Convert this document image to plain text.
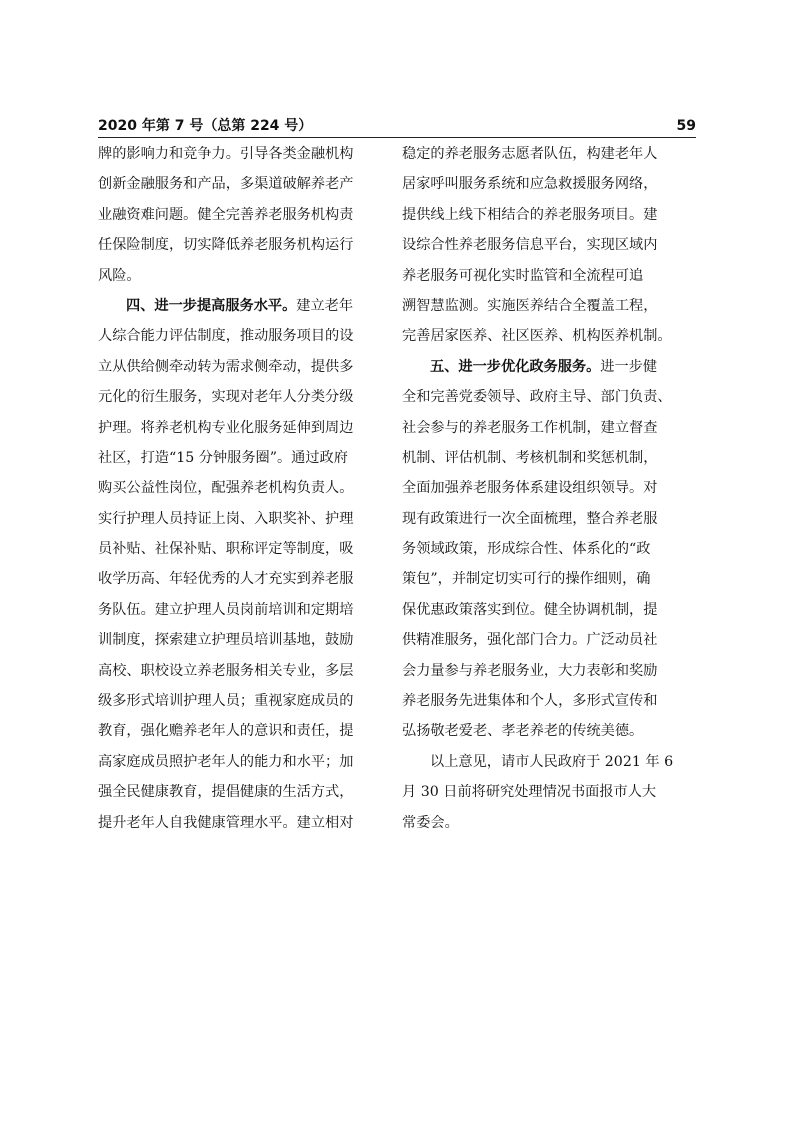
2020 年第 7 号（总第 224 号）	59
牌的影响力和竞争力。引导各类金融机构
创新金融服务和产品，多渠道破解养老产
业融资难问题。健全完善养老服务机构责
任保险制度，切实降低养老服务机构运行
风险。
四、进一步提高服务水平。建立老年
人综合能力评估制度，推动服务项目的设
立从供给侧牵动转为需求侧牵动，提供多
元化的衍生服务，实现对老年人分类分级
护理。将养老机构专业化服务延伸到周边
社区，打造“15 分钟服务圈”。通过政府
购买公益性岗位，配强养老机构负责人。
实行护理人员持证上岗、入职奖补、护理
员补贴、社保补贴、职称评定等制度，吸
收学历高、年轻优秀的人才充实到养老服
务队伍。建立护理人员岗前培训和定期培
训制度，探索建立护理员培训基地，鼓励
高校、职校设立养老服务相关专业，多层
级多形式培训护理人员；重视家庭成员的
教育，强化赡养老年人的意识和责任，提
高家庭成员照护老年人的能力和水平；加
强全民健康教育，提倡健康的生活方式，
提升老年人自我健康管理水平。建立相对
稳定的养老服务志愿者队伍，构建老年人
居家呼叫服务系统和应急救援服务网络，
提供线上线下相结合的养老服务项目。建
设综合性养老服务信息平台，实现区域内
养老服务可视化实时监管和全流程可追
溯智慧监测。实施医养结合全覆盖工程，
完善居家医养、社区医养、机构医养机制。
五、进一步优化政务服务。进一步健
全和完善党委领导、政府主导、部门负责、
社会参与的养老服务工作机制，建立督查
机制、评估机制、考核机制和奖惩机制，
全面加强养老服务体系建设组织领导。对
现有政策进行一次全面梳理，整合养老服
务领域政策，形成综合性、体系化的“政
策包”，并制定切实可行的操作细则，确
保优惠政策落实到位。健全协调机制，提
供精准服务，强化部门合力。广泛动员社
会力量参与养老服务业，大力表彰和奖励
养老服务先进集体和个人，多形式宣传和
弘扬敬老爱老、孝老养老的传统美德。
以上意见，请市人民政府于 2021 年 6
月 30 日前将研究处理情况书面报市人大
常委会。
